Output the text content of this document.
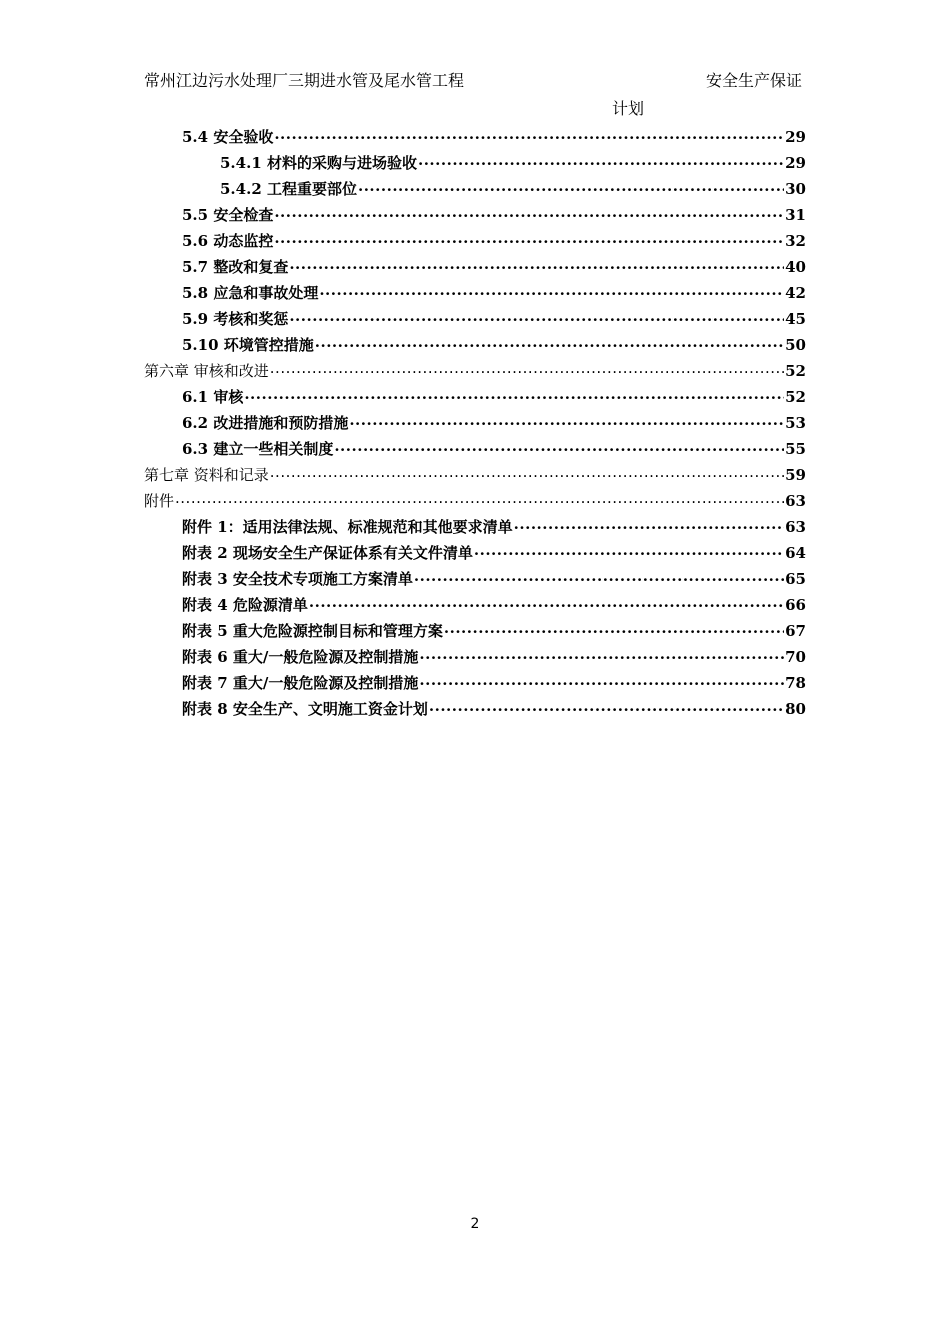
常州江边污水处理厂三期进水管及尾水管工程	安全生产保证
计划
5.4 安全验收 .....	29
5.4.1 材料的采购与进场验收 .....	29
5.4.2 工程重要部位 .....	30
5.5 安全检查 .....	31
5.6 动态监控 .....	32
5.7 整改和复查 .....	40
5.8 应急和事故处理 .....	42
5.9 考核和奖惩 .....	45
5.10 环境管控措施 .....	50
第六章 审核和改进 .....	52
6.1 审核 .....	52
6.2 改进措施和预防措施 .....	53
6.3 建立一些相关制度 .....	55
第七章 资料和记录 .....	59
附件 .....	63
附件 1：适用法律法规、标准规范和其他要求清单 .....	63
附表 2 现场安全生产保证体系有关文件清单 .....	64
附表 3 安全技术专项施工方案清单 .....	65
附表 4 危险源清单 .....	66
附表 5 重大危险源控制目标和管理方案 .....	67
附表 6 重大/一般危险源及控制措施 .....	70
附表 7 重大/一般危险源及控制措施 .....	78
附表 8 安全生产、文明施工资金计划 .....	80
2
